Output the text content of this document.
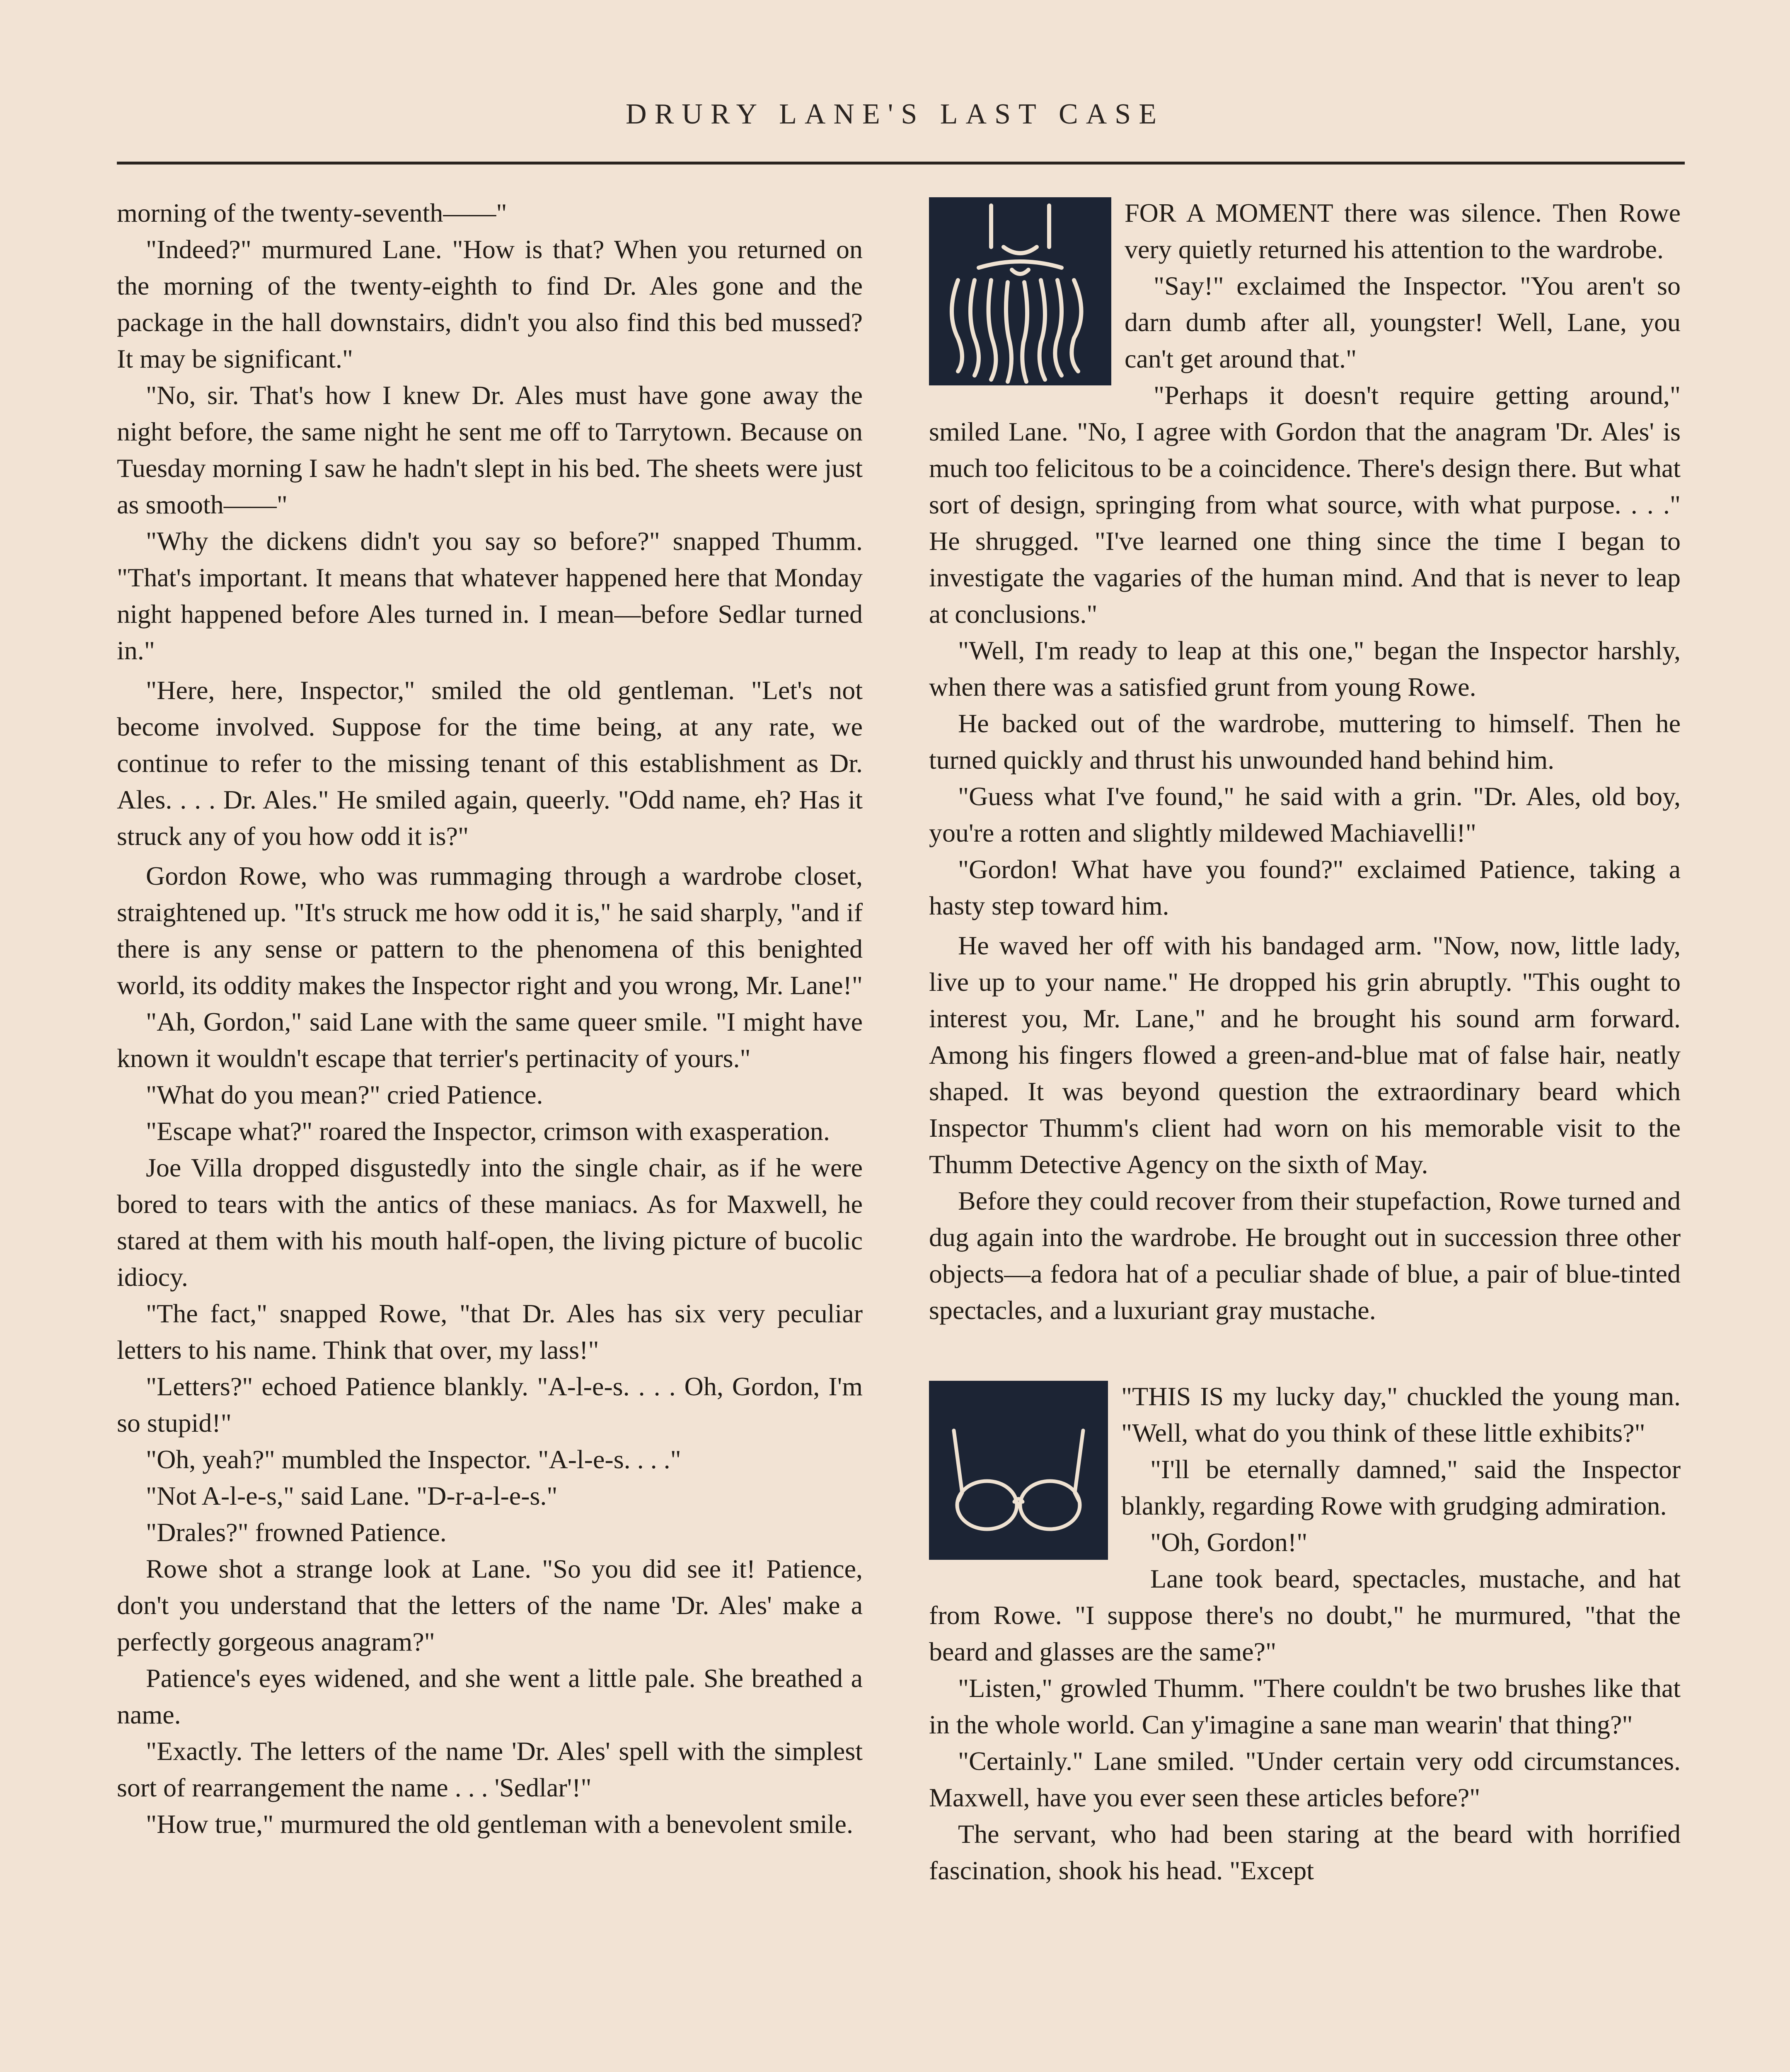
DRURY LANE'S LAST CASE

morning of the twenty-seventh——"

"Indeed?" murmured Lane. "How is that? When you returned on the morning of the twenty-eighth to find Dr. Ales gone and the package in the hall downstairs, didn't you also find this bed mussed? It may be significant."

"No, sir. That's how I knew Dr. Ales must have gone away the night before, the same night he sent me off to Tarrytown. Because on Tuesday morning I saw he hadn't slept in his bed. The sheets were just as smooth——"

"Why the dickens didn't you say so before?" snapped Thumm. "That's important. It means that whatever happened here that Monday night happened before Ales turned in. I mean—before Sedlar turned in."

"Here, here, Inspector," smiled the old gentleman. "Let's not become involved. Suppose for the time being, at any rate, we continue to refer to the missing tenant of this establishment as Dr. Ales. . . . Dr. Ales." He smiled again, queerly. "Odd name, eh? Has it struck any of you how odd it is?"

Gordon Rowe, who was rummaging through a wardrobe closet, straightened up. "It's struck me how odd it is," he said sharply, "and if there is any sense or pattern to the phenomena of this benighted world, its oddity makes the Inspector right and you wrong, Mr. Lane!"

"Ah, Gordon," said Lane with the same queer smile. "I might have known it wouldn't escape that terrier's pertinacity of yours."

"What do you mean?" cried Patience.

"Escape what?" roared the Inspector, crimson with exasperation.

Joe Villa dropped disgustedly into the single chair, as if he were bored to tears with the antics of these maniacs. As for Maxwell, he stared at them with his mouth half-open, the living picture of bucolic idiocy.

"The fact," snapped Rowe, "that Dr. Ales has six very peculiar letters to his name. Think that over, my lass!"

"Letters?" echoed Patience blankly. "A-l-e-s. . . . Oh, Gordon, I'm so stupid!"

"Oh, yeah?" mumbled the Inspector. "A-l-e-s. . . ."

"Not A-l-e-s," said Lane. "D-r-a-l-e-s."

"Drales?" frowned Patience.

Rowe shot a strange look at Lane. "So you did see it! Patience, don't you understand that the letters of the name 'Dr. Ales' make a perfectly gorgeous anagram?"

Patience's eyes widened, and she went a little pale. She breathed a name.

"Exactly. The letters of the name 'Dr. Ales' spell with the simplest sort of rearrangement the name . . . 'Sedlar'!"

"How true," murmured the old gentleman with a benevolent smile.

FOR A MOMENT there was silence. Then Rowe very quietly returned his attention to the wardrobe.

"Say!" exclaimed the Inspector. "You aren't so darn dumb after all, youngster! Well, Lane, you can't get around that."

"Perhaps it doesn't require getting around," smiled Lane. "No, I agree with Gordon that the anagram 'Dr. Ales' is much too felicitous to be a coincidence. There's design there. But what sort of design, springing from what source, with what purpose. . . ." He shrugged. "I've learned one thing since the time I began to investigate the vagaries of the human mind. And that is never to leap at conclusions."

"Well, I'm ready to leap at this one," began the Inspector harshly, when there was a satisfied grunt from young Rowe.

He backed out of the wardrobe, muttering to himself. Then he turned quickly and thrust his unwounded hand behind him.

"Guess what I've found," he said with a grin. "Dr. Ales, old boy, you're a rotten and slightly mildewed Machiavelli!"

"Gordon! What have you found?" exclaimed Patience, taking a hasty step toward him.

He waved her off with his bandaged arm. "Now, now, little lady, live up to your name." He dropped his grin abruptly. "This ought to interest you, Mr. Lane," and he brought his sound arm forward. Among his fingers flowed a green-and-blue mat of false hair, neatly shaped. It was beyond question the extraordinary beard which Inspector Thumm's client had worn on his memorable visit to the Thumm Detective Agency on the sixth of May.

Before they could recover from their stupefaction, Rowe turned and dug again into the wardrobe. He brought out in succession three other objects—a fedora hat of a peculiar shade of blue, a pair of blue-tinted spectacles, and a luxuriant gray mustache.

"THIS IS my lucky day," chuckled the young man. "Well, what do you think of these little exhibits?"

"I'll be eternally damned," said the Inspector blankly, regarding Rowe with grudging admiration.

"Oh, Gordon!"

Lane took beard, spectacles, mustache, and hat from Rowe. "I suppose there's no doubt," he murmured, "that the beard and glasses are the same?"

"Listen," growled Thumm. "There couldn't be two brushes like that in the whole world. Can y'imagine a sane man wearin' that thing?"

"Certainly." Lane smiled. "Under certain very odd circumstances. Maxwell, have you ever seen these articles before?"

The servant, who had been staring at the beard with horrified fascination, shook his head. "Except
